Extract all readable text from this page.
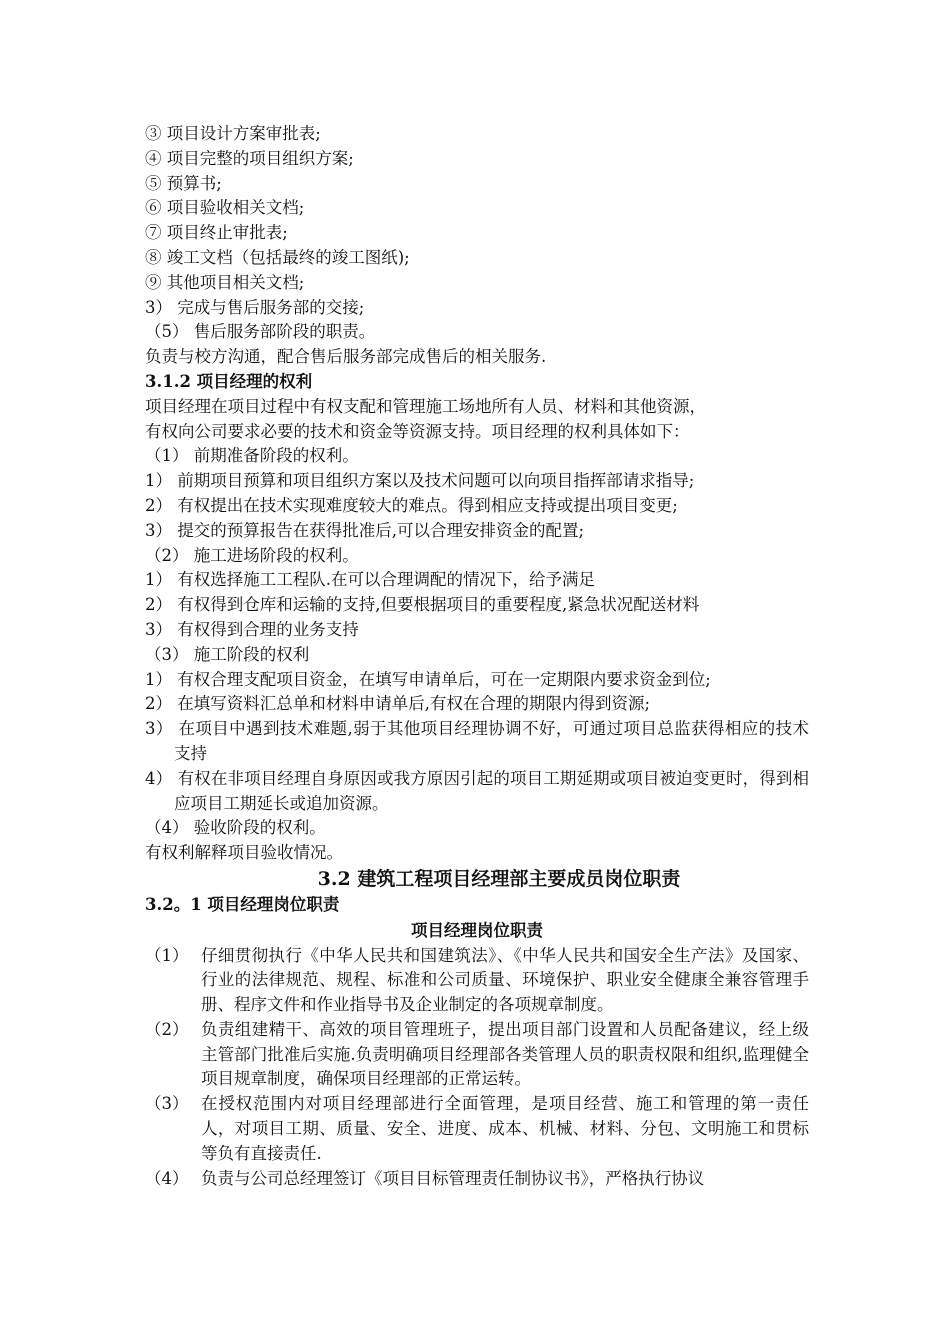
③ 项目设计方案审批表;
④ 项目完整的项目组织方案;
⑤ 预算书;
⑥ 项目验收相关文档;
⑦ 项目终止审批表;
⑧ 竣工文档（包括最终的竣工图纸);
⑨ 其他项目相关文档;
3） 完成与售后服务部的交接;
（5） 售后服务部阶段的职责。
负责与校方沟通，配合售后服务部完成售后的相关服务.
3.1.2 项目经理的权利
项目经理在项目过程中有权支配和管理施工场地所有人员、材料和其他资源，
有权向公司要求必要的技术和资金等资源支持。项目经理的权利具体如下：
（1） 前期准备阶段的权利。
1） 前期项目预算和项目组织方案以及技术问题可以向项目指挥部请求指导;
2） 有权提出在技术实现难度较大的难点。得到相应支持或提出项目变更;
3） 提交的预算报告在获得批准后,可以合理安排资金的配置;
（2） 施工进场阶段的权利。
1） 有权选择施工工程队.在可以合理调配的情况下，给予满足
2） 有权得到仓库和运输的支持,但要根据项目的重要程度,紧急状况配送材料
3） 有权得到合理的业务支持
（3） 施工阶段的权利
1） 有权合理支配项目资金，在填写申请单后，可在一定期限内要求资金到位;
2） 在填写资料汇总单和材料申请单后,有权在合理的期限内得到资源;
3） 在项目中遇到技术难题,弱于其他项目经理协调不好，可通过项目总监获得相应的技术支持
4） 有权在非项目经理自身原因或我方原因引起的项目工期延期或项目被迫变更时，得到相应项目工期延长或追加资源。
（4） 验收阶段的权利。
有权利解释项目验收情况。
3.2 建筑工程项目经理部主要成员岗位职责
3.2。1 项目经理岗位职责
项目经理岗位职责
（1） 仔细贯彻执行《中华人民共和国建筑法》、《中华人民共和国安全生产法》及国家、行业的法律规范、规程、标准和公司质量、环境保护、职业安全健康全兼容管理手册、程序文件和作业指导书及企业制定的各项规章制度。
（2） 负责组建精干、高效的项目管理班子，提出项目部门设置和人员配备建议，经上级主管部门批准后实施.负责明确项目经理部各类管理人员的职责权限和组织,监理健全项目规章制度，确保项目经理部的正常运转。
（3） 在授权范围内对项目经理部进行全面管理，是项目经营、施工和管理的第一责任人，对项目工期、质量、安全、进度、成本、机械、材料、分包、文明施工和贯标等负有直接责任.
（4） 负责与公司总经理签订《项目目标管理责任制协议书》，严格执行协议
